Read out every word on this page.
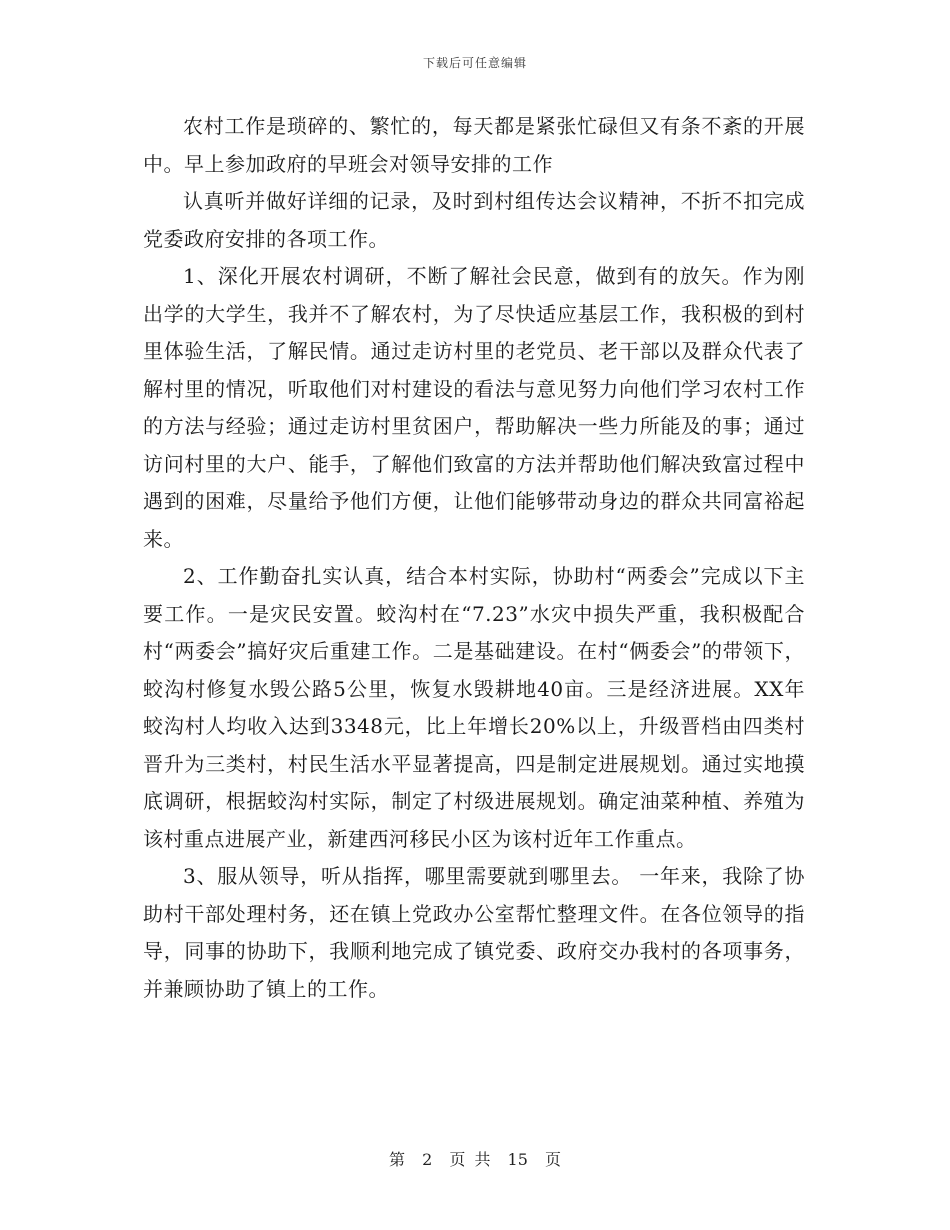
下载后可任意编辑

农村工作是琐碎的、繁忙的，每天都是紧张忙碌但又有条不紊的开展中。早上参加政府的早班会对领导安排的工作

认真听并做好详细的记录，及时到村组传达会议精神，不折不扣完成党委政府安排的各项工作。

1、深化开展农村调研，不断了解社会民意，做到有的放矢。作为刚出学的大学生，我并不了解农村，为了尽快适应基层工作，我积极的到村里体验生活，了解民情。通过走访村里的老党员、老干部以及群众代表了解村里的情况，听取他们对村建设的看法与意见努力向他们学习农村工作的方法与经验；通过走访村里贫困户，帮助解决一些力所能及的事；通过访问村里的大户、能手，了解他们致富的方法并帮助他们解决致富过程中遇到的困难，尽量给予他们方便，让他们能够带动身边的群众共同富裕起来。

2、工作勤奋扎实认真，结合本村实际，协助村“两委会”完成以下主要工作。一是灾民安置。蛟沟村在“7.23”水灾中损失严重，我积极配合村“两委会”搞好灾后重建工作。二是基础建设。在村“俩委会”的带领下，蛟沟村修复水毁公路5公里，恢复水毁耕地40亩。三是经济进展。XX年蛟沟村人均收入达到3348元，比上年增长20%以上，升级晋档由四类村晋升为三类村，村民生活水平显著提高，四是制定进展规划。通过实地摸底调研，根据蛟沟村实际，制定了村级进展规划。确定油菜种植、养殖为该村重点进展产业，新建西河移民小区为该村近年工作重点。

3、服从领导，听从指挥，哪里需要就到哪里去。 一年来，我除了协助村干部处理村务，还在镇上党政办公室帮忙整理文件。在各位领导的指导，同事的协助下，我顺利地完成了镇党委、政府交办我村的各项事务，并兼顾协助了镇上的工作。

第 2 页 共 15 页
